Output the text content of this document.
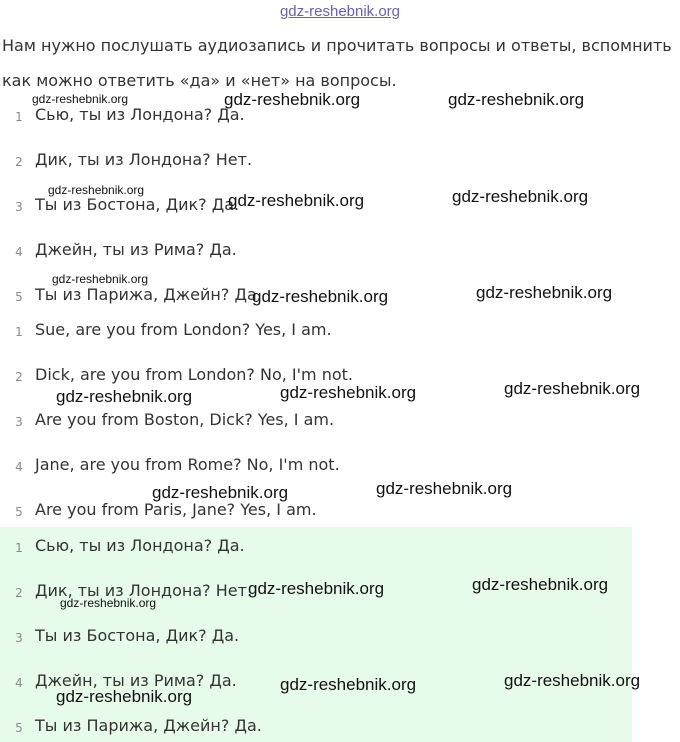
gdz-reshebnik.org
Нам нужно послушать аудиозапись и прочитать вопросы и ответы, вспомнить
как можно ответить «да» и «нет» на вопросы.
1 Сью, ты из Лондона? Да.
2 Дик, ты из Лондона? Нет.
3 Ты из Бостона, Дик? Да.
4 Джейн, ты из Рима? Да.
5 Ты из Парижа, Джейн? Да.
1 Sue, are you from London? Yes, I am.
2 Dick, are you from London? No, I'm not.
3 Are you from Boston, Dick? Yes, I am.
4 Jane, are you from Rome? No, I'm not.
5 Are you from Paris, Jane? Yes, I am.
1 Сью, ты из Лондона? Да.
2 Дик, ты из Лондона? Нет.
3 Ты из Бостона, Дик? Да.
4 Джейн, ты из Рима? Да.
5 Ты из Парижа, Джейн? Да.
gdz-reshebnik.org	gdz-reshebnik.org	gdz-reshebnik.org
gdz-reshebnik.org
gdz-reshebnik.org	gdz-reshebnik.org
gdz-reshebnik.org
gdz-reshebnik.org	gdz-reshebnik.org
gdz-reshebnik.org	gdz-reshebnik.org	gdz-reshebnik.org
gdz-reshebnik.org	gdz-reshebnik.org
gdz-reshebnik.org	gdz-reshebnik.org
gdz-reshebnik.org
gdz-reshebnik.org
gdz-reshebnik.org	gdz-reshebnik.org
